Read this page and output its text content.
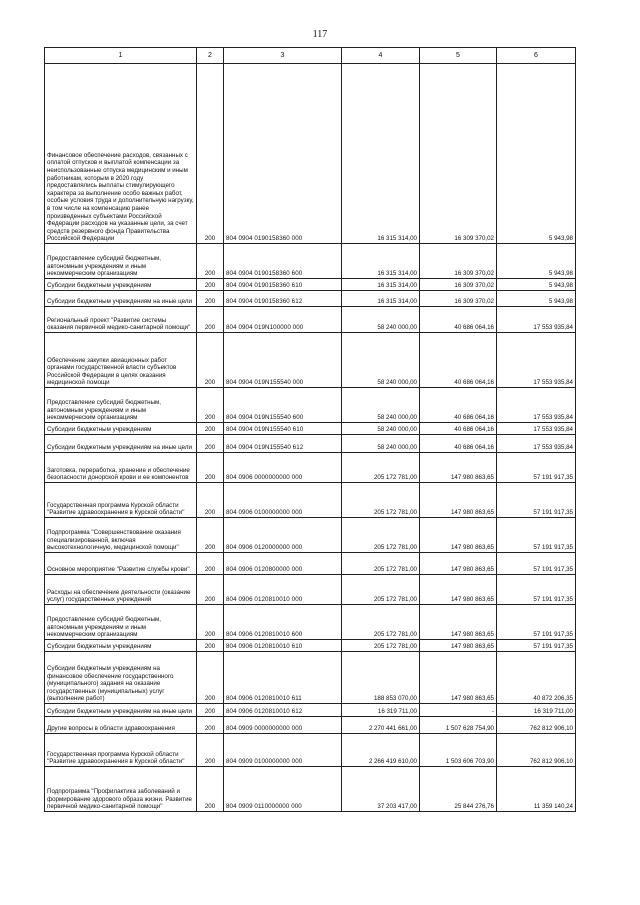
117
1	2	3	4	5	6
Финансовое обеспечение расходов, связанных с оплатой отпусков и выплатой компенсации за неиспользованные отпуска медицинским и иным работникам, которым в 2020 году предоставлялись выплаты стимулирующего характера за выполнение особо важных работ, особые условия труда и дополнительную нагрузку, в том числе на компенсацию ранее произведенных субъектами Российской Федерации расходов на указанные цели, за счет средств резервного фонда Правительства Российской Федерации	200	804 0904 0190158360 000	16 315 314,00	16 309 370,02	5 943,98
Предоставление субсидий бюджетным, автономным учреждениям и иным некоммерческим организациям	200	804 0904 0190158360 600	16 315 314,00	16 309 370,02	5 943,98
Субсидии бюджетным учреждениям	200	804 0904 0190158360 610	16 315 314,00	16 309 370,02	5 943,98
Субсидии бюджетным учреждениям на иные цели	200	804 0904 0190158360 612	16 315 314,00	16 309 370,02	5 943,98
Региональный проект "Развитие системы оказания первичной медико-санитарной помощи"	200	804 0904 019N100000 000	58 240 000,00	40 686 064,16	17 553 935,84
Обеспечение закупки авиационных работ органами государственной власти субъектов Российской Федерации в целях оказания медицинской помощи	200	804 0904 019N155540 000	58 240 000,00	40 686 064,16	17 553 935,84
Предоставление субсидий бюджетным, автономным учреждениям и иным некоммерческим организациям	200	804 0904 019N155540 600	58 240 000,00	40 686 064,16	17 553 935,84
Субсидии бюджетным учреждениям	200	804 0904 019N155540 610	58 240 000,00	40 686 064,16	17 553 935,84
Субсидии бюджетным учреждениям на иные цели	200	804 0904 019N155540 612	58 240 000,00	40 686 064,16	17 553 935,84
Заготовка, переработка, хранение и обеспечение безопасности донорской крови и ее компонентов	200	804 0906 0000000000 000	205 172 781,00	147 980 863,65	57 191 917,35
Государственная программа Курской области "Развитие здравоохранения в Курской области"	200	804 0906 0100000000 000	205 172 781,00	147 980 863,65	57 191 917,35
Подпрограмма "Совершенствование оказания специализированной, включая высокотехнологичную, медицинской помощи"	200	804 0906 0120000000 000	205 172 781,00	147 980 863,65	57 191 917,35
Основное мероприятие "Развитие службы крови"	200	804 0906 0120800000 000	205 172 781,00	147 980 863,65	57 191 917,35
Расходы на обеспечение деятельности (оказание услуг) государственных учреждений	200	804 0906 0120810010 000	205 172 781,00	147 980 863,65	57 191 917,35
Предоставление субсидий бюджетным, автономным учреждениям и иным некоммерческим организациям	200	804 0906 0120810010 600	205 172 781,00	147 980 863,65	57 191 917,35
Субсидии бюджетным учреждениям	200	804 0906 0120810010 610	205 172 781,00	147 980 863,65	57 191 917,35
Субсидии бюджетным учреждениям на финансовое обеспечение государственного (муниципального) задания на оказание государственных (муниципальных) услуг (выполнение работ)	200	804 0906 0120810010 611	188 853 070,00	147 980 863,65	40 872 206,35
Субсидии бюджетным учреждениям на иные цели	200	804 0906 0120810010 612	16 319 711,00	-	16 319 711,00
Другие вопросы в области здравоохранения	200	804 0909 0000000000 000	2 270 441 661,00	1 507 628 754,90	762 812 906,10
Государственная программа Курской области "Развитие здравоохранения в Курской области"	200	804 0909 0100000000 000	2 266 419 610,00	1 503 606 703,90	762 812 906,10
Подпрограмма "Профилактика заболеваний и формирование здорового образа жизни. Развитие первичной медико-санитарной помощи"	200	804 0909 0110000000 000	37 203 417,00	25 844 276,76	11 359 140,24
